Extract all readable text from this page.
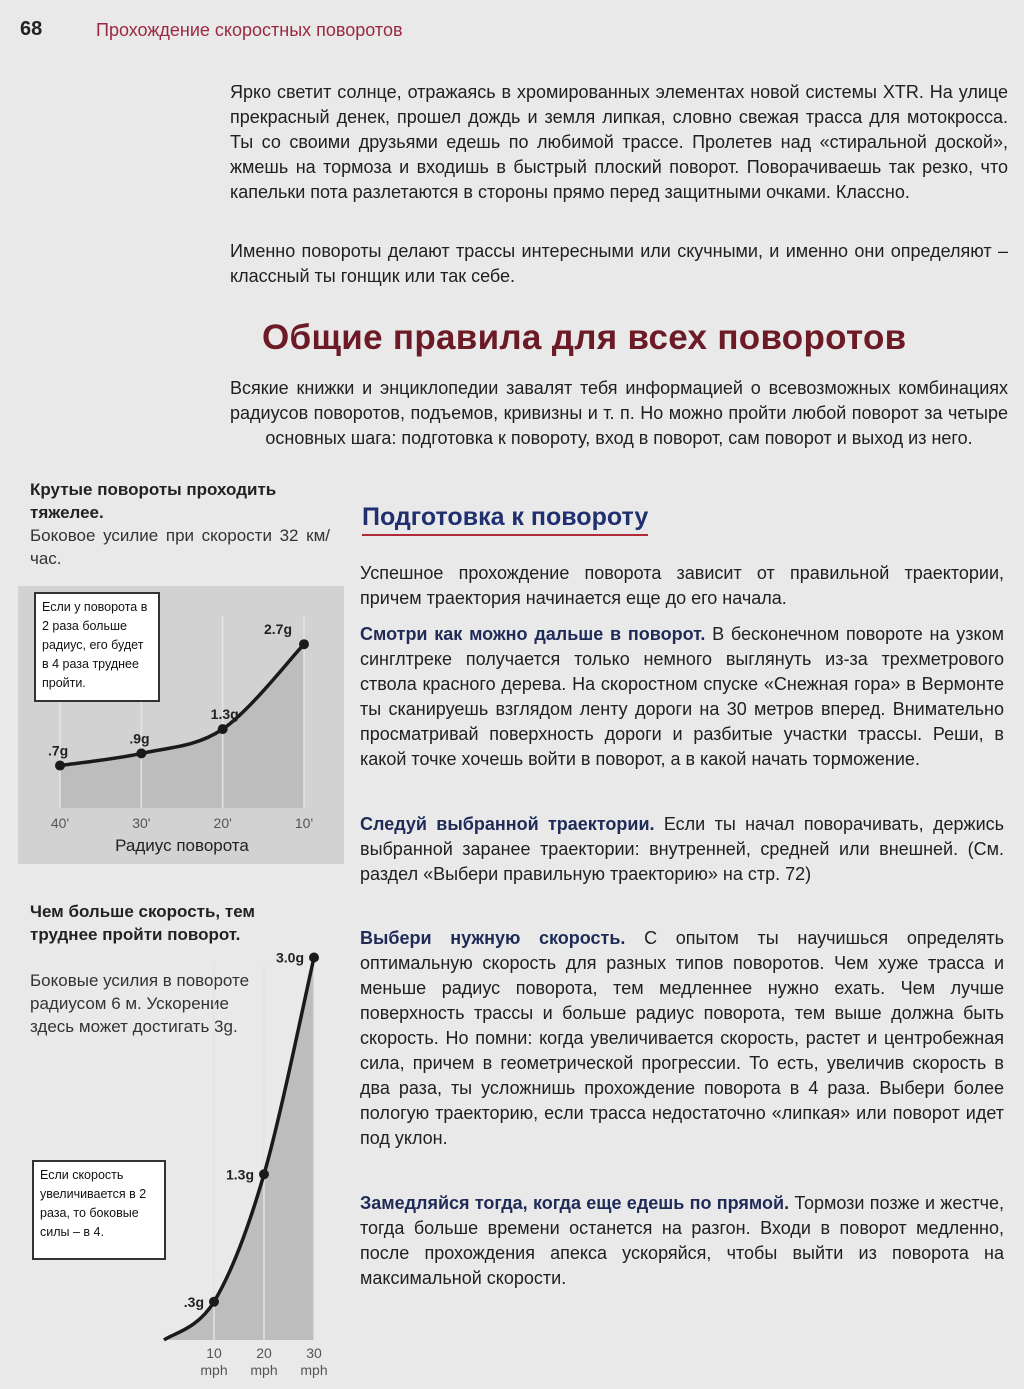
68	Прохождение скоростных поворотов

Ярко светит солнце, отражаясь в хромированных элементах новой системы XTR. На улице прекрасный денек, прошел дождь и земля липкая, словно свежая трасса для мотокросса. Ты со своими друзьями едешь по любимой трассе. Пролетев над «стиральной доской», жмешь на тормоза и входишь в быстрый плоский поворот. Поворачиваешь так резко, что капельки пота разлетаются в стороны прямо перед защитными очками. Классно.

Именно повороты делают трассы интересными или скучными, и именно они определяют – классный ты гонщик или так себе.

Общие правила для всех поворотов

Всякие книжки и энциклопедии завалят тебя информацией о всевозможных комбинациях радиусов поворотов, подъемов, кривизны и т. п. Но можно пройти любой поворот за четыре основных шага: подготовка к повороту, вход в поворот, сам поворот и выход из него.

Подготовка к повороту

Успешное прохождение поворота зависит от правильной траектории, причем траектория начинается еще до его начала.

Смотри как можно дальше в поворот. В бесконечном повороте на узком синглтреке получается только немного выглянуть из-за трехметрового ствола красного дерева. На скоростном спуске «Снежная гора» в Вермонте ты сканируешь взглядом ленту дороги на 30 метров вперед. Внимательно просматривай поверхность дороги и разбитые участки трассы. Реши, в какой точке хочешь войти в поворот, а в какой начать торможение.

Следуй выбранной траектории. Если ты начал поворачивать, держись выбранной заранее траектории: внутренней, средней или внешней. (См. раздел «Выбери правильную траекторию» на стр. 72)

Выбери нужную скорость. С опытом ты научишься определять оптимальную скорость для разных типов поворотов. Чем хуже трасса и меньше радиус поворота, тем медленнее нужно ехать. Чем лучше поверхность трассы и больше радиус поворота, тем выше должна быть скорость. Но помни: когда увеличивается скорость, растет и центробежная сила, причем в геометрической прогрессии. То есть, увеличив скорость в два раза, ты усложнишь прохождение поворота в 4 раза. Выбери более пологую траекторию, если трасса недостаточно «липкая» или поворот идет под уклон.

Замедляйся тогда, когда еще едешь по прямой. Тормози позже и жестче, тогда больше времени останется на разгон. Входи в поворот медленно, после прохождения апекса ускоряйся, чтобы выйти из поворота на максимальной скорости.

Крутые повороты проходить тяжелее.
Боковое усилие при скорости 32 км/час.
.7g
.9g
1.3g
2.7g
40'	30'	20'	10'
Радиус поворота
Если у поворота в 2 раза больше радиус, его будет в 4 раза труднее пройти.
Чем больше скорость, тем труднее пройти поворот.
Боковые усилия в повороте радиусом 6 м. Ускорение здесь может достигать 3g.
.3g
1.3g
3.0g
10
mph
20
mph
30
mph
Если скорость увеличивается в 2 раза, то боковые силы – в 4.
